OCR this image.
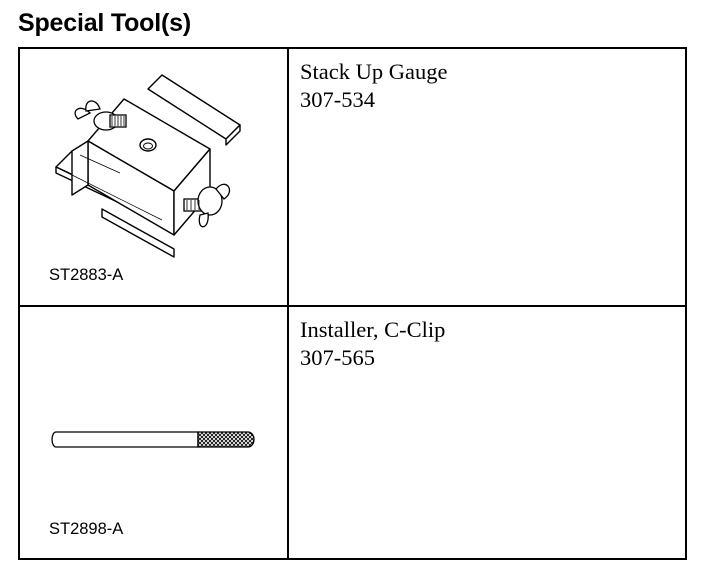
Special Tool(s)
ST2883-A
Stack Up Gauge
307-534
ST2898-A
Installer, C-Clip
307-565
